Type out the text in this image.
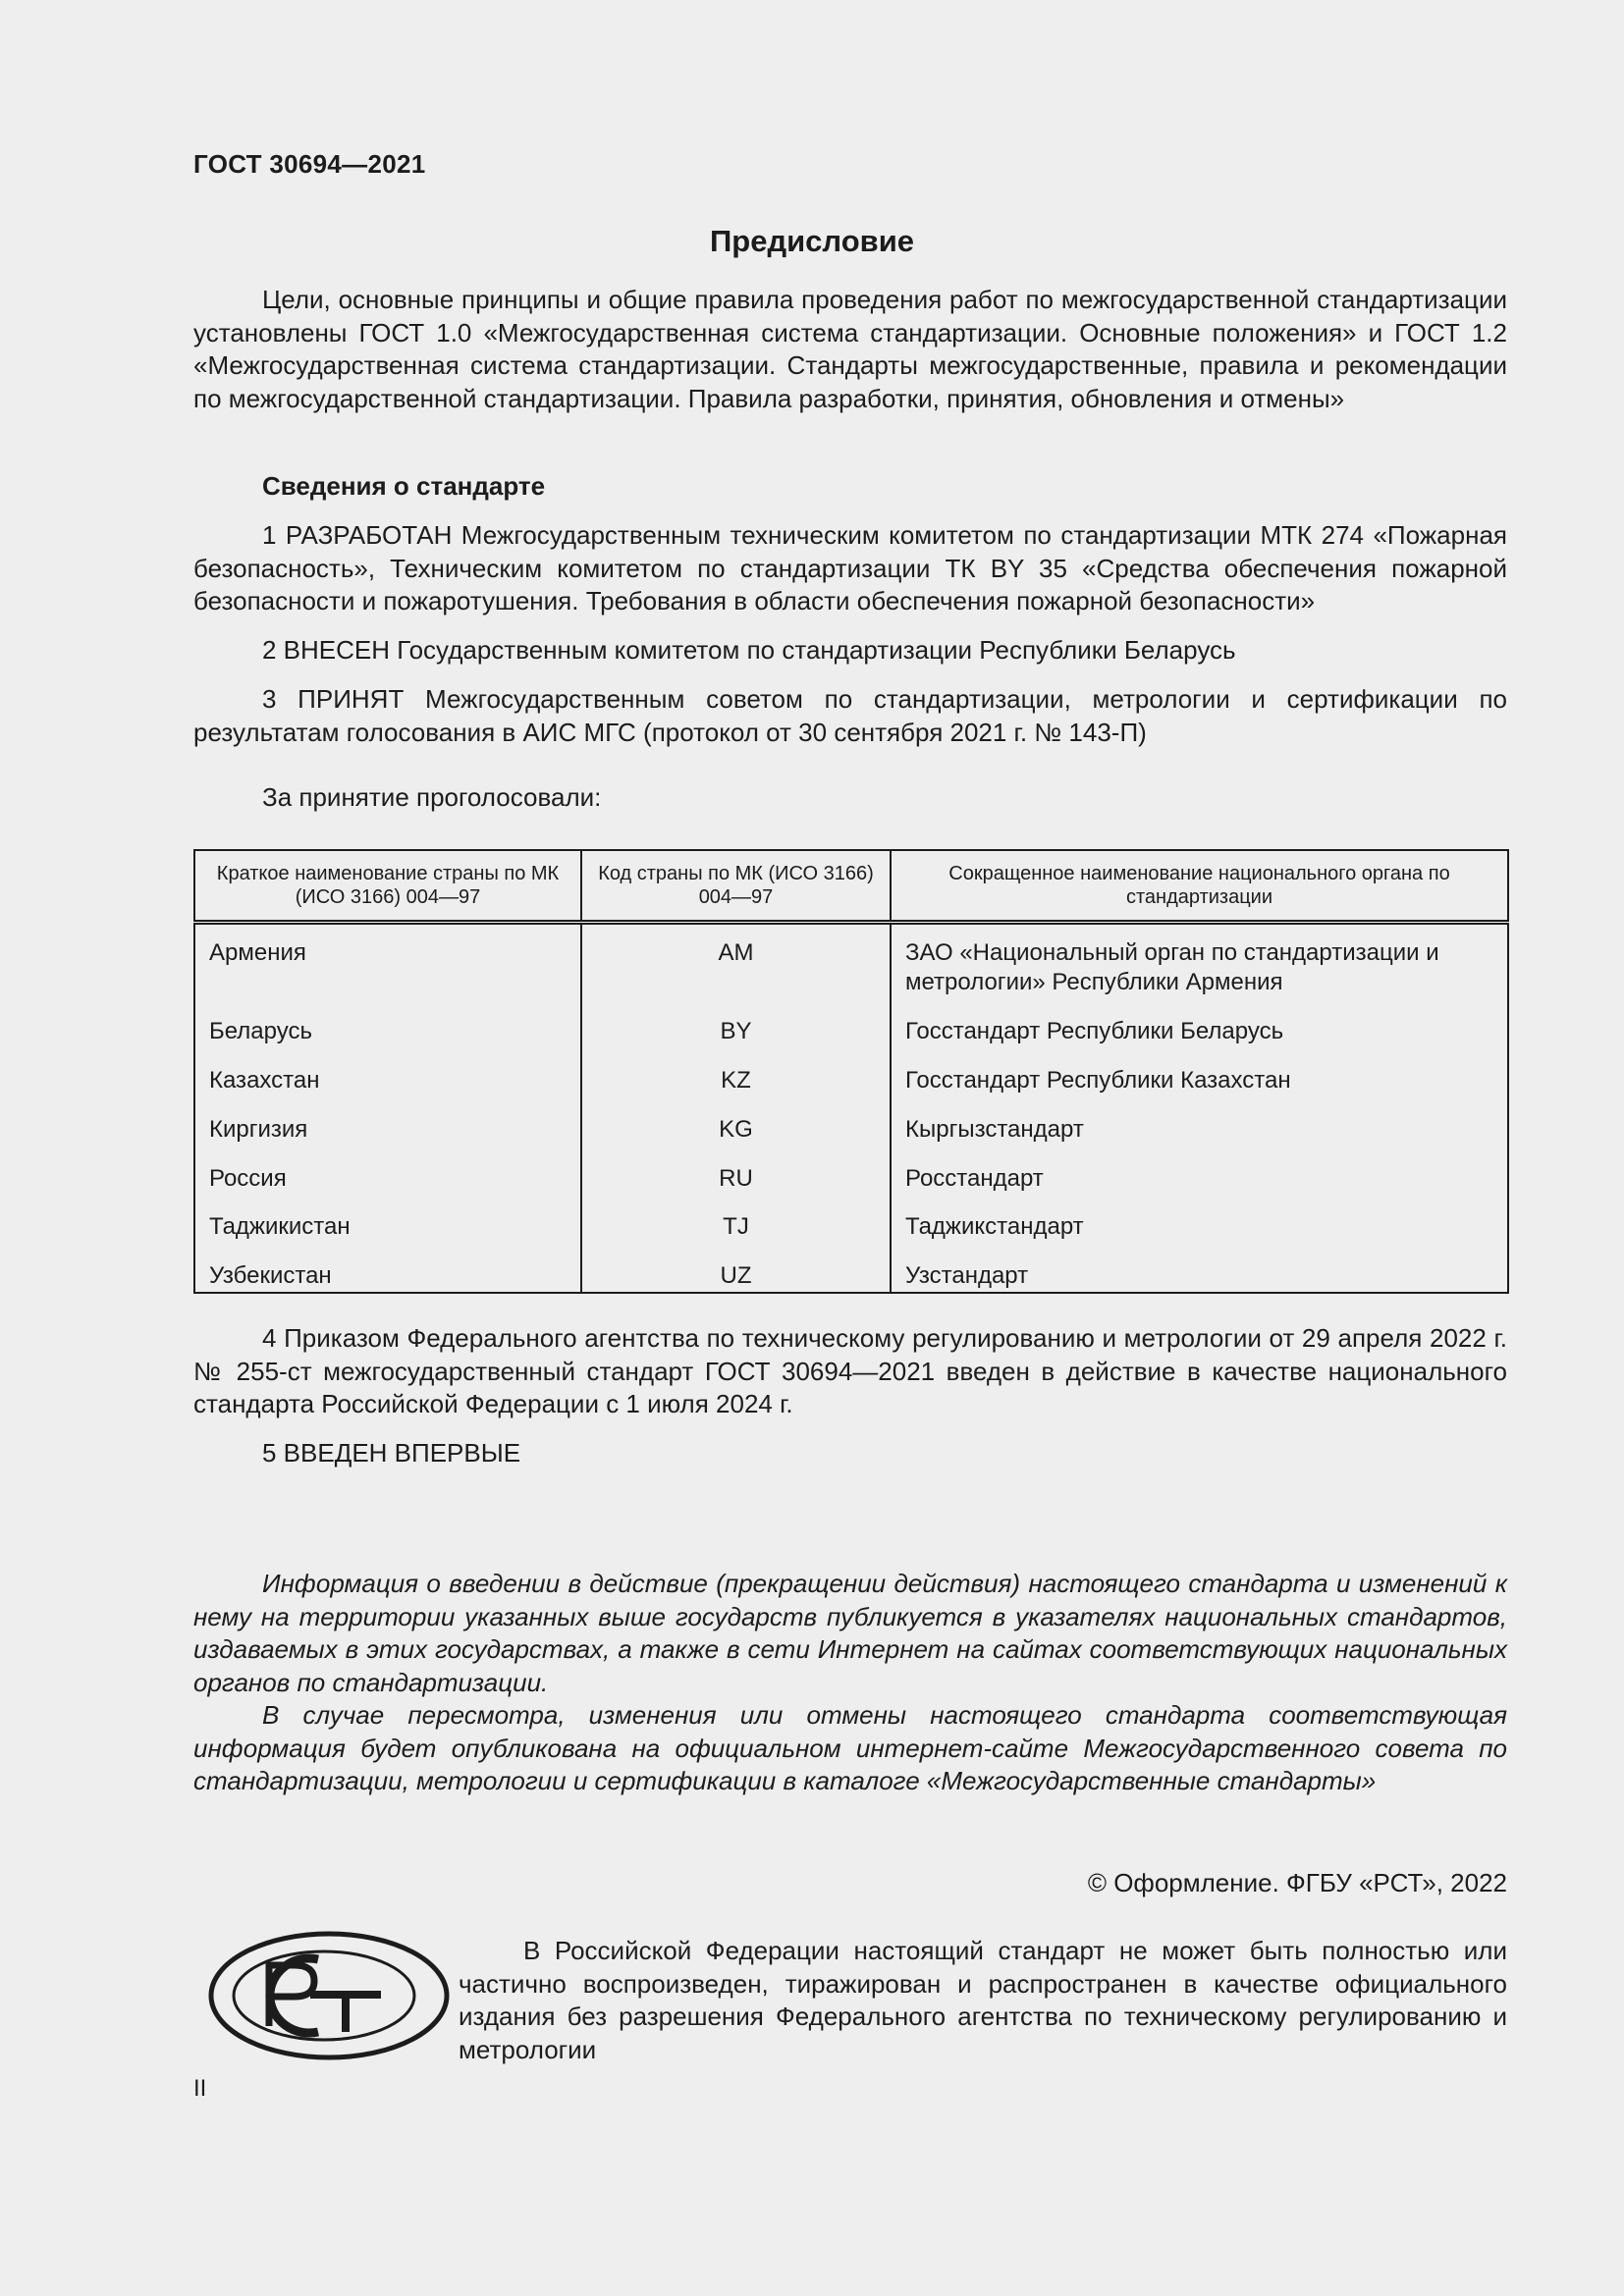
ГОСТ 30694—2021
Предисловие

Цели, основные принципы и общие правила проведения работ по межгосударственной стандартизации установлены ГОСТ 1.0 «Межгосударственная система стандартизации. Основные положения» и ГОСТ 1.2 «Межгосударственная система стандартизации. Стандарты межгосударственные, правила и рекомендации по межгосударственной стандартизации. Правила разработки, принятия, обновления и отмены»

Сведения о стандарте

1 РАЗРАБОТАН Межгосударственным техническим комитетом по стандартизации МТК 274 «Пожарная безопасность», Техническим комитетом по стандартизации ТК BY 35 «Средства обеспечения пожарной безопасности и пожаротушения. Требования в области обеспечения пожарной безопасности»

2 ВНЕСЕН Государственным комитетом по стандартизации Республики Беларусь

3 ПРИНЯТ Межгосударственным советом по стандартизации, метрологии и сертификации по результатам голосования в АИС МГС (протокол от 30 сентября 2021 г. № 143-П)

За принятие проголосовали:

Краткое наименование страны по МК (ИСО 3166) 004—97	Код страны по МК (ИСО 3166) 004—97	Сокращенное наименование национального органа по стандартизации
Армения	AM	ЗАО «Национальный орган по стандартизации и метрологии» Республики Армения
Беларусь	BY	Госстандарт Республики Беларусь
Казахстан	KZ	Госстандарт Республики Казахстан
Киргизия	KG	Кыргызстандарт
Россия	RU	Росстандарт
Таджикистан	TJ	Таджикстандарт
Узбекистан	UZ	Узстандарт

4 Приказом Федерального агентства по техническому регулированию и метрологии от 29 апреля 2022 г. № 255-ст межгосударственный стандарт ГОСТ 30694—2021 введен в действие в качестве национального стандарта Российской Федерации с 1 июля 2024 г.

5 ВВЕДЕН ВПЕРВЫЕ

Информация о введении в действие (прекращении действия) настоящего стандарта и изменений к нему на территории указанных выше государств публикуется в указателях национальных стандартов, издаваемых в этих государствах, а также в сети Интернет на сайтах соответствующих национальных органов по стандартизации.

В случае пересмотра, изменения или отмены настоящего стандарта соответствующая информация будет опубликована на официальном интернет-сайте Межгосударственного совета по стандартизации, метрологии и сертификации в каталоге «Межгосударственные стандарты»

© Оформление. ФГБУ «РСТ», 2022

В Российской Федерации настоящий стандарт не может быть полностью или частично воспроизведен, тиражирован и распространен в качестве официального издания без разрешения Федерального агентства по техническому регулированию и метрологии

II
